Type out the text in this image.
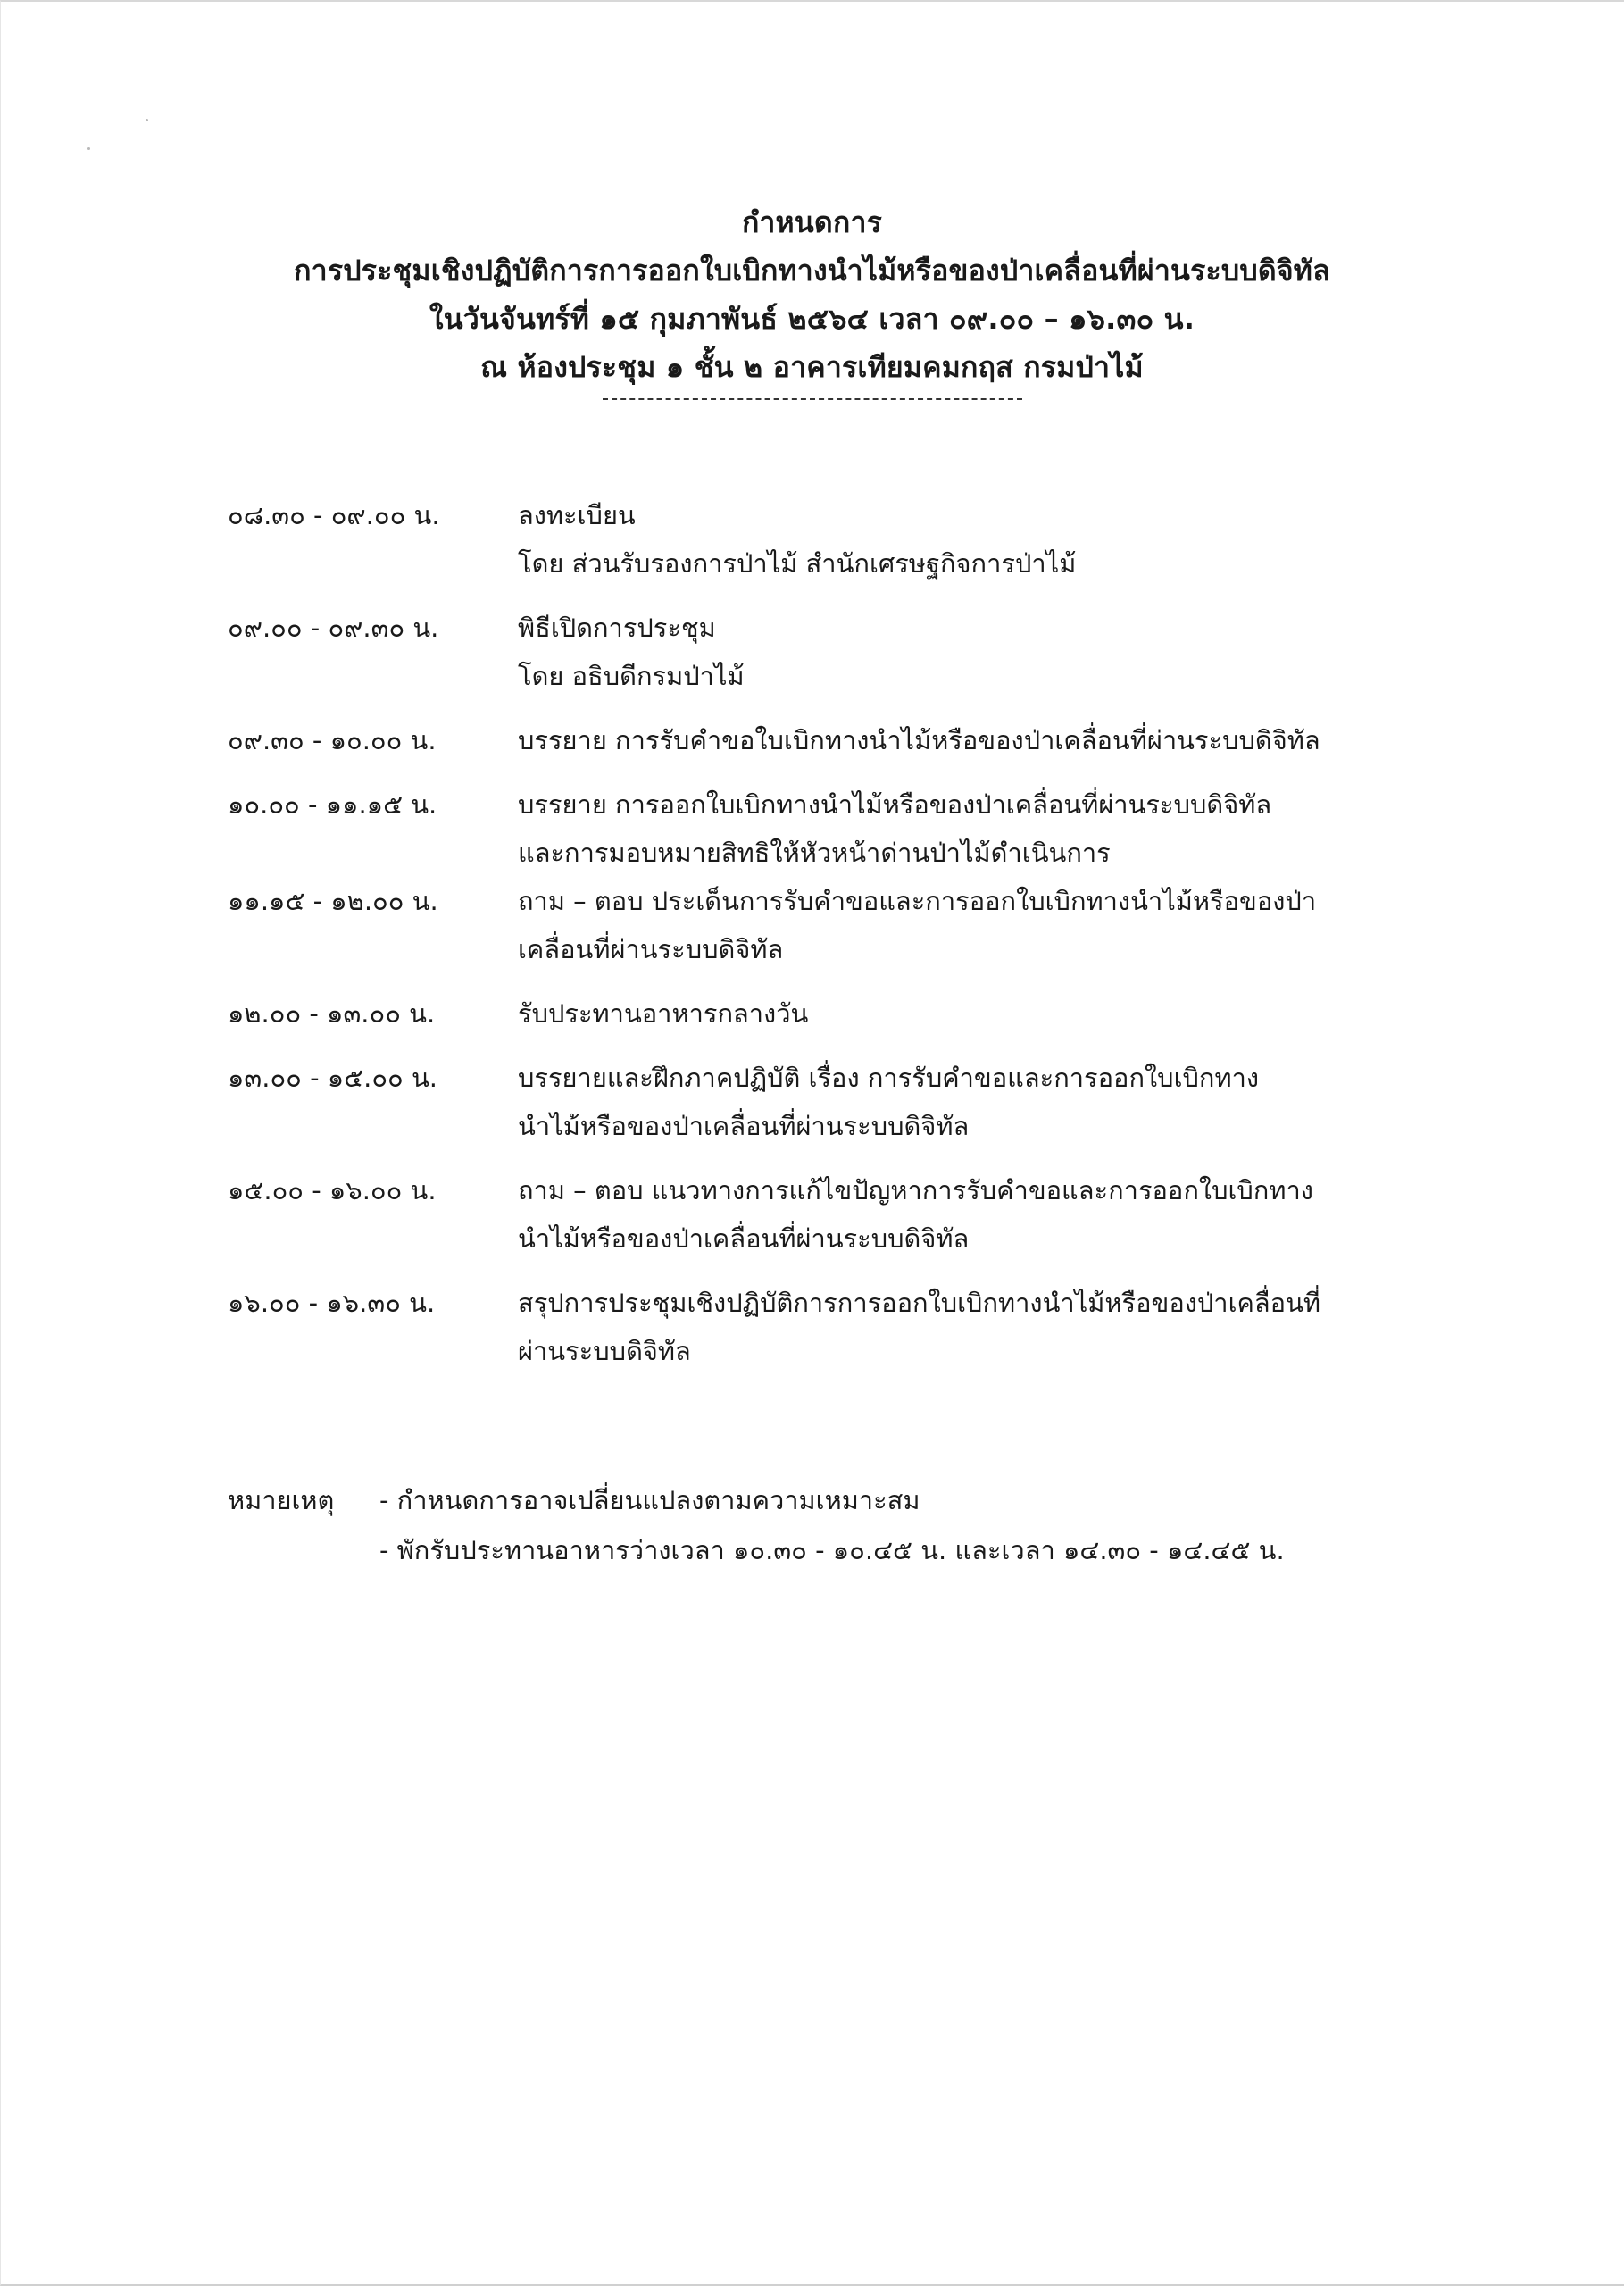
กำหนดการ
การประชุมเชิงปฏิบัติการการออกใบเบิกทางนำไม้หรือของป่าเคลื่อนที่ผ่านระบบดิจิทัล
ในวันจันทร์ที่ ๑๕ กุมภาพันธ์ ๒๕๖๔ เวลา ๐๙.๐๐ – ๑๖.๓๐ น.
ณ ห้องประชุม ๑ ชั้น ๒ อาคารเทียมคมกฤส กรมป่าไม้
๐๘.๓๐ - ๐๙.๐๐ น.	ลงทะเบียน
โดย ส่วนรับรองการป่าไม้ สำนักเศรษฐกิจการป่าไม้
๐๙.๐๐ - ๐๙.๓๐ น.	พิธีเปิดการประชุม
โดย อธิบดีกรมป่าไม้
๐๙.๓๐ - ๑๐.๐๐ น.	บรรยาย การรับคำขอใบเบิกทางนำไม้หรือของป่าเคลื่อนที่ผ่านระบบดิจิทัล
๑๐.๐๐ - ๑๑.๑๕ น.	บรรยาย การออกใบเบิกทางนำไม้หรือของป่าเคลื่อนที่ผ่านระบบดิจิทัล
และการมอบหมายสิทธิให้หัวหน้าด่านป่าไม้ดำเนินการ
๑๑.๑๕ - ๑๒.๐๐ น.	ถาม – ตอบ ประเด็นการรับคำขอและการออกใบเบิกทางนำไม้หรือของป่า
เคลื่อนที่ผ่านระบบดิจิทัล
๑๒.๐๐ - ๑๓.๐๐ น.	รับประทานอาหารกลางวัน
๑๓.๐๐ - ๑๕.๐๐ น.	บรรยายและฝึกภาคปฏิบัติ เรื่อง การรับคำขอและการออกใบเบิกทาง
นำไม้หรือของป่าเคลื่อนที่ผ่านระบบดิจิทัล
๑๕.๐๐ - ๑๖.๐๐ น.	ถาม – ตอบ แนวทางการแก้ไขปัญหาการรับคำขอและการออกใบเบิกทาง
นำไม้หรือของป่าเคลื่อนที่ผ่านระบบดิจิทัล
๑๖.๐๐ - ๑๖.๓๐ น.	สรุปการประชุมเชิงปฏิบัติการการออกใบเบิกทางนำไม้หรือของป่าเคลื่อนที่
ผ่านระบบดิจิทัล
หมายเหตุ	- กำหนดการอาจเปลี่ยนแปลงตามความเหมาะสม
- พักรับประทานอาหารว่างเวลา ๑๐.๓๐ - ๑๐.๔๕ น. และเวลา ๑๔.๓๐ - ๑๔.๔๕ น.
